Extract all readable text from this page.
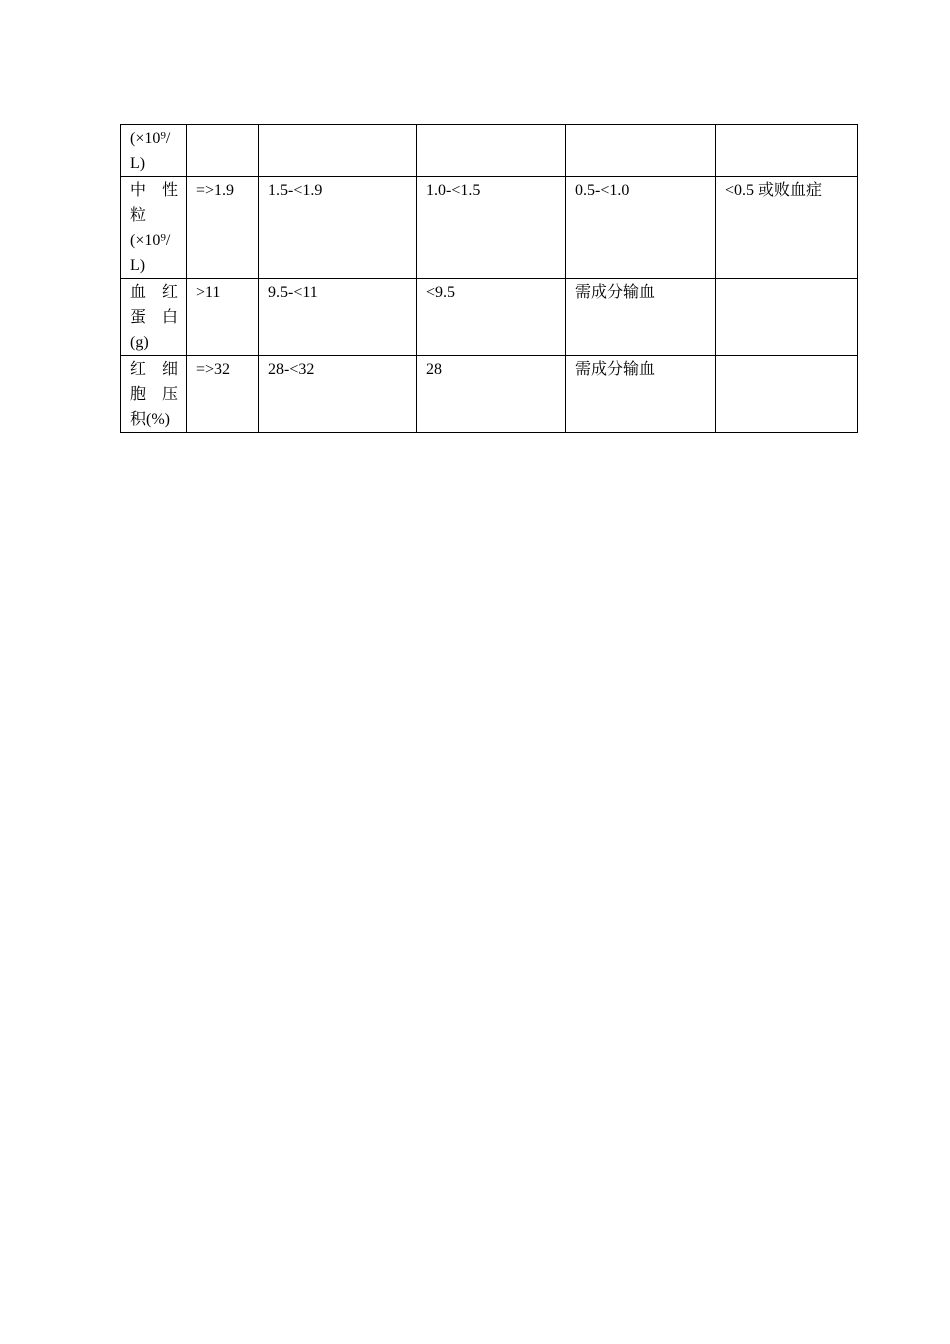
(×10⁹/
L)					

中　性
粒
(×10⁹/
L)	=>1.9	1.5-<1.9	1.0-<1.5	0.5-<1.0	<0.5 或败血症

血　红
蛋　白
(g)	>11	9.5-<11	<9.5	需成分输血	

红　细
胞　压
积(%)	=>32	28-<32	28	需成分输血	
